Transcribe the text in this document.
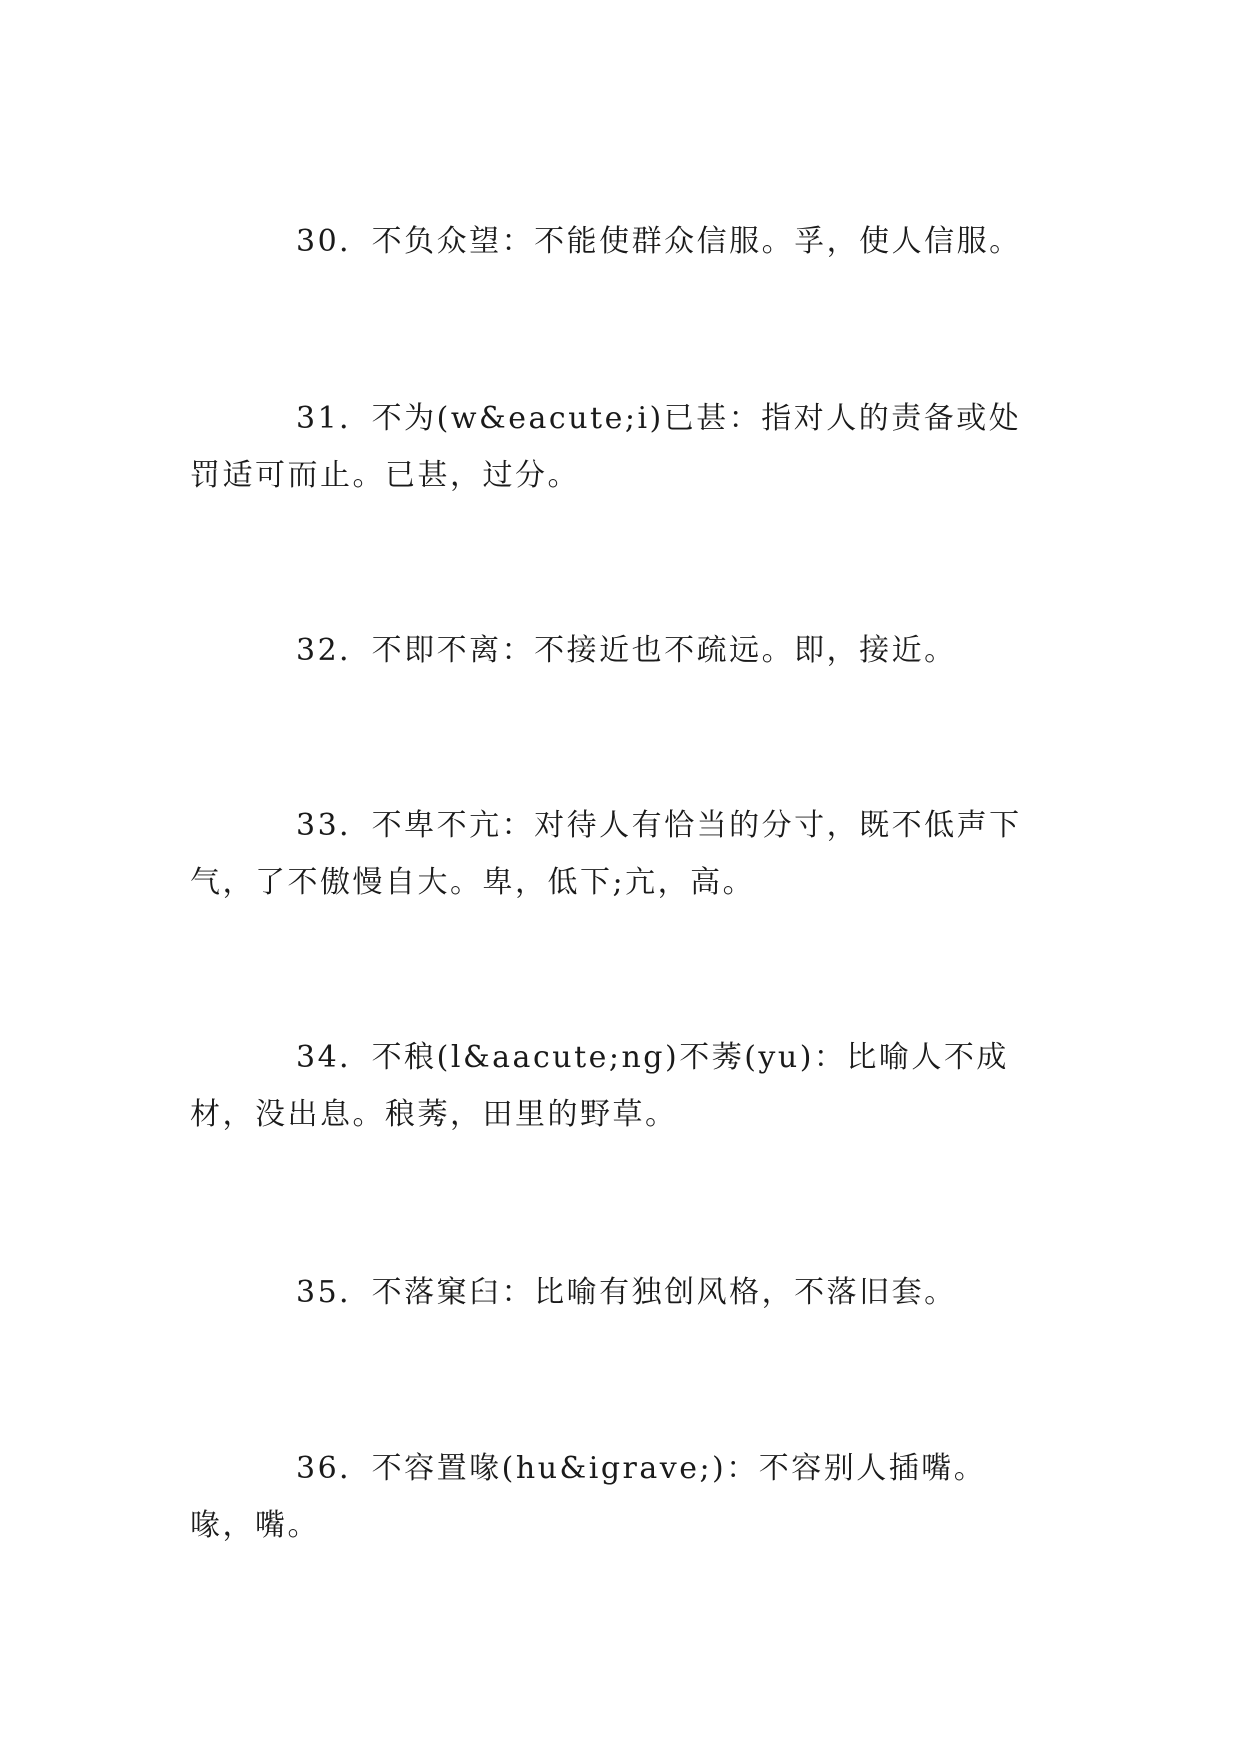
30．不负众望：不能使群众信服。孚，使人信服。

31．不为(w&eacute;i)已甚：指对人的责备或处罚适可而止。已甚，过分。

32．不即不离：不接近也不疏远。即，接近。

33．不卑不亢：对待人有恰当的分寸，既不低声下气，了不傲慢自大。卑，低下;亢，高。

34．不稂(l&aacute;ng)不莠(yu)：比喻人不成材，没出息。稂莠，田里的野草。

35．不落窠臼：比喻有独创风格，不落旧套。

36．不容置喙(hu&igrave;)：不容别人插嘴。喙，嘴。
